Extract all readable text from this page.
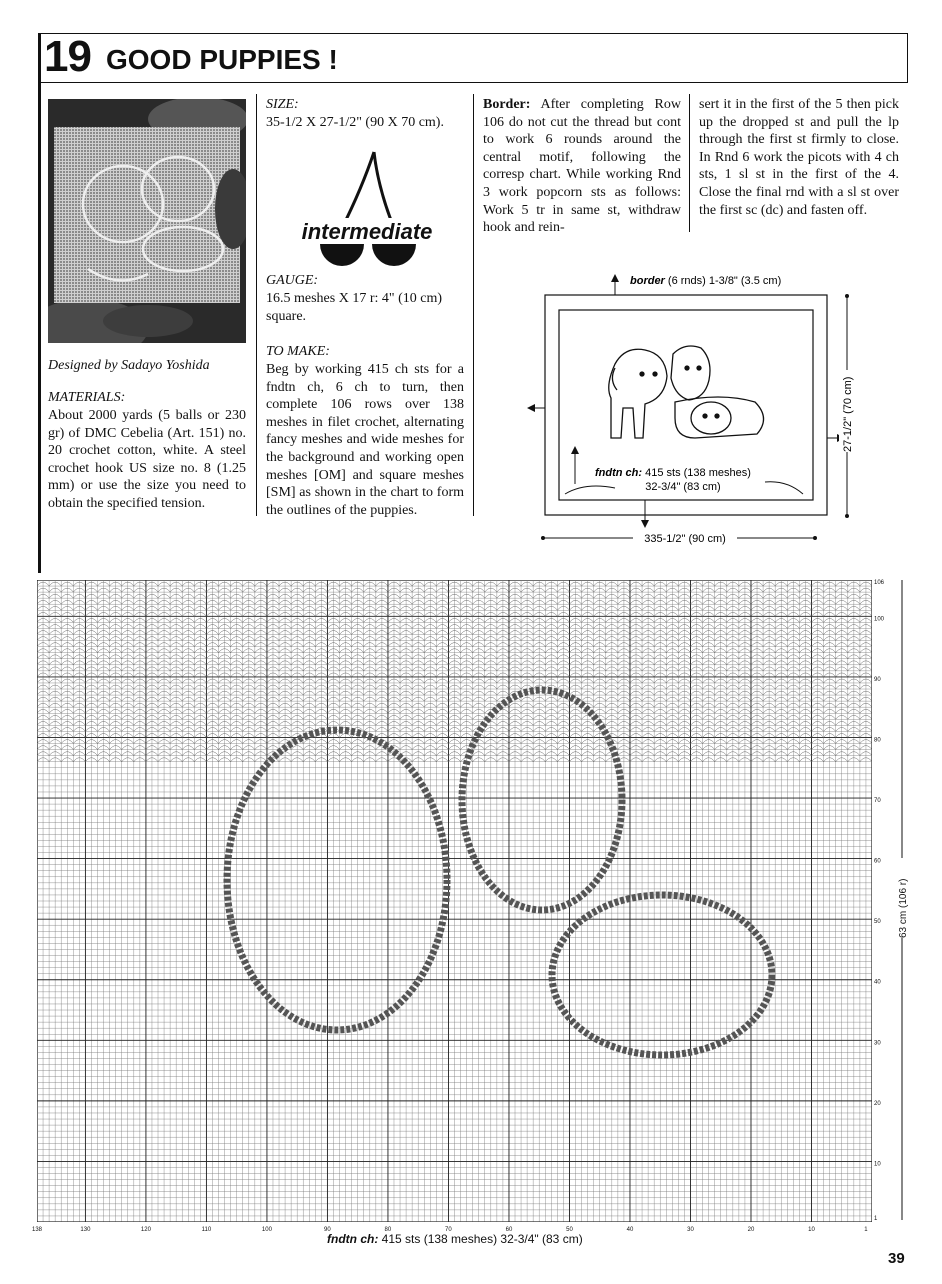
19 GOOD PUPPIES !
Designed by Sadayo Yoshida
MATERIALS:
About 2000 yards (5 balls or 230 gr) of DMC Cebelia (Art. 151) no. 20 crochet cotton, white. A steel crochet hook US size no. 8 (1.25 mm) or use the size you need to obtain the specified tension.
SIZE:
35-1/2 X 27-1/2" (90 X 70 cm).
intermediate
GAUGE:
16.5 meshes X 17 r: 4" (10 cm) square.
TO MAKE:
Beg by working 415 ch sts for a fndtn ch, 6 ch to turn, then complete 106 rows over 138 meshes in filet crochet, alternating fancy meshes and wide meshes for the background and working open meshes [OM] and square meshes [SM] as shown in the chart to form the outlines of the puppies.
Border: After completing Row 106 do not cut the thread but cont to work 6 rounds around the central motif, following the corresp chart. While working Rnd 3 work popcorn sts as follows: Work 5 tr in same st, withdraw hook and rein-
sert it in the first of the 5 then pick up the dropped st and pull the lp through the first st firmly to close. In Rnd 6 work the picots with 4 ch sts, 1 sl st in the first of the 4. Close the final rnd with a sl st over the first sc (dc) and fasten off.
border (6 rnds) 1-3/8" (3.5 cm)
27-1/2" (70 cm)
335-1/2" (90 cm)
fndtn ch: 415 sts (138 meshes)
32-3/4" (83 cm)
106
100
90
80
70
60
50
40
30
20
10
1
63 cm (106 r)
138	130	120	110	100	90	80	70	60	50	40	30	20	10	1
fndtn ch: 415 sts (138 meshes) 32-3/4" (83 cm)
39
